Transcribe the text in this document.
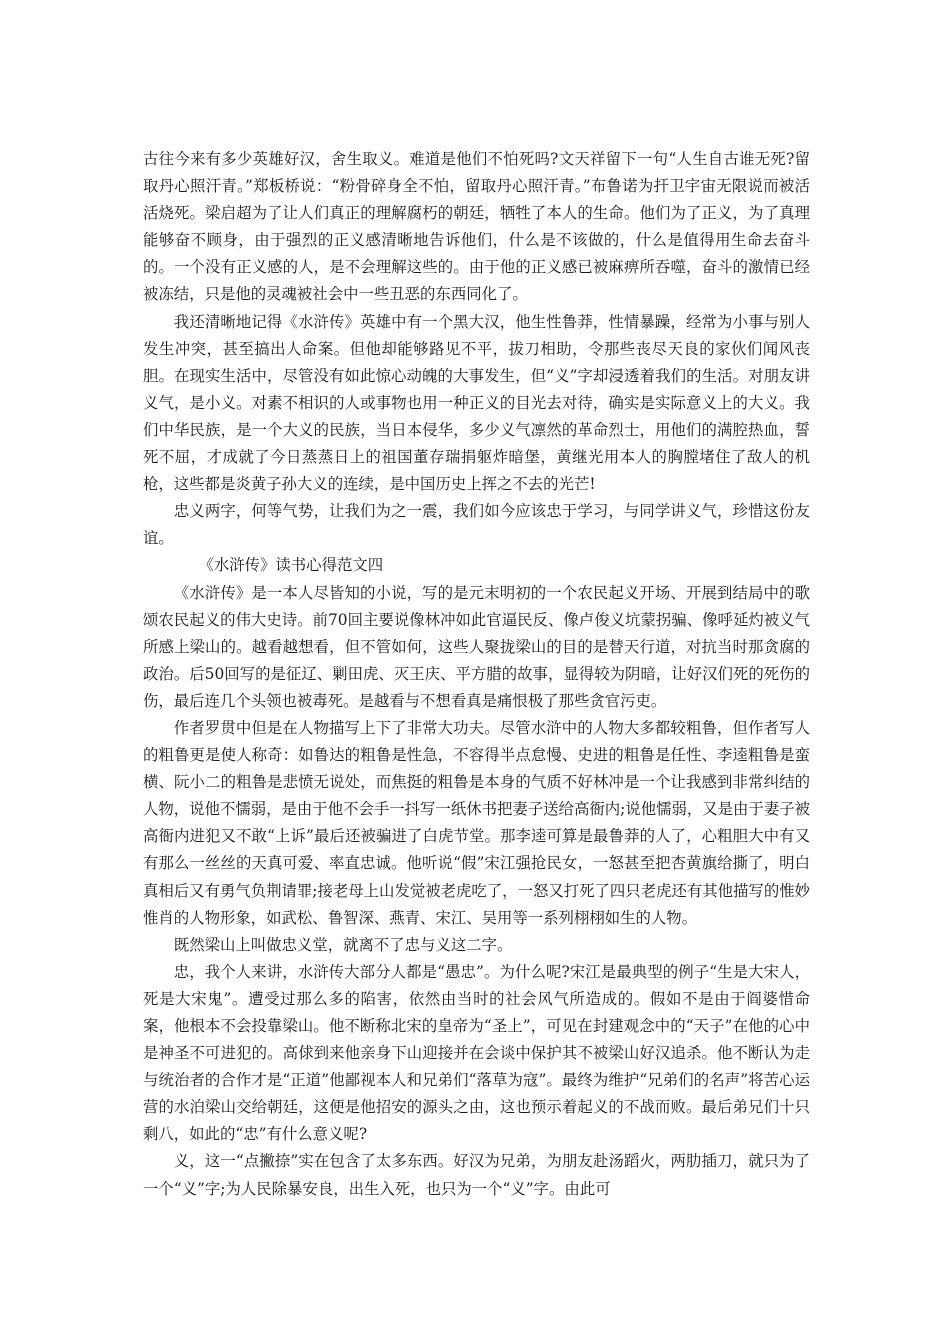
古往今来有多少英雄好汉，舍生取义。难道是他们不怕死吗?文天祥留下一句“人生自古谁无死?留取丹心照汗青。”郑板桥说：“粉骨碎身全不怕，留取丹心照汗青。”布鲁诺为扞卫宇宙无限说而被活活烧死。梁启超为了让人们真正的理解腐朽的朝廷，牺牲了本人的生命。他们为了正义，为了真理能够奋不顾身，由于强烈的正义感清晰地告诉他们，什么是不该做的，什么是值得用生命去奋斗的。一个没有正义感的人，是不会理解这些的。由于他的正义感已被麻痹所吞噬，奋斗的激情已经被冻结，只是他的灵魂被社会中一些丑恶的东西同化了。

我还清晰地记得《水浒传》英雄中有一个黑大汉，他生性鲁莽，性情暴躁，经常为小事与别人发生冲突，甚至搞出人命案。但他却能够路见不平，拔刀相助，令那些丧尽天良的家伙们闻风丧胆。在现实生活中，尽管没有如此惊心动魄的大事发生，但“义”字却浸透着我们的生活。对朋友讲义气，是小义。对素不相识的人或事物也用一种正义的目光去对待，确实是实际意义上的大义。我们中华民族，是一个大义的民族，当日本侵华，多少义气凛然的革命烈士，用他们的满腔热血，誓死不屈，才成就了今日蒸蒸日上的祖国董存瑞捐躯炸暗堡，黄继光用本人的胸膛堵住了敌人的机枪，这些都是炎黄子孙大义的连续，是中国历史上挥之不去的光芒!

忠义两字，何等气势，让我们为之一震，我们如今应该忠于学习，与同学讲义气，珍惜这份友谊。

《水浒传》读书心得范文四

《水浒传》是一本人尽皆知的小说，写的是元末明初的一个农民起义开场、开展到结局中的歌颂农民起义的伟大史诗。前70回主要说像林冲如此官逼民反、像卢俊义坑蒙拐骗、像呼延灼被义气所感上梁山的。越看越想看，但不管如何，这些人聚拢梁山的目的是替天行道，对抗当时那贪腐的政治。后50回写的是征辽、剿田虎、灭王庆、平方腊的故事，显得较为阴暗，让好汉们死的死伤的伤，最后连几个头领也被毒死。是越看与不想看真是痛恨极了那些贪官污吏。

作者罗贯中但是在人物描写上下了非常大功夫。尽管水浒中的人物大多都较粗鲁，但作者写人的粗鲁更是使人称奇：如鲁达的粗鲁是性急，不容得半点怠慢、史进的粗鲁是任性、李逵粗鲁是蛮横、阮小二的粗鲁是悲愤无说处，而焦挺的粗鲁是本身的气质不好林冲是一个让我感到非常纠结的人物，说他不懦弱，是由于他不会手一抖写一纸休书把妻子送给高衙内;说他懦弱，又是由于妻子被高衙内进犯又不敢“上诉”最后还被骗进了白虎节堂。那李逵可算是最鲁莽的人了，心粗胆大中有又有那么一丝丝的天真可爱、率直忠诚。他听说“假”宋江强抢民女，一怒甚至把杏黄旗给撕了，明白真相后又有勇气负荆请罪;接老母上山发觉被老虎吃了，一怒又打死了四只老虎还有其他描写的惟妙惟肖的人物形象，如武松、鲁智深、燕青、宋江、吴用等一系列栩栩如生的人物。

既然梁山上叫做忠义堂，就离不了忠与义这二字。

忠，我个人来讲，水浒传大部分人都是“愚忠”。为什么呢?宋江是最典型的例子“生是大宋人，死是大宋鬼”。遭受过那么多的陷害，依然由当时的社会风气所造成的。假如不是由于阎婆惜命案，他根本不会投靠梁山。他不断称北宋的皇帝为“圣上”，可见在封建观念中的“天子”在他的心中是神圣不可进犯的。高俅到来他亲身下山迎接并在会谈中保护其不被梁山好汉追杀。他不断认为走与统治者的合作才是“正道”他鄙视本人和兄弟们“落草为寇”。最终为维护“兄弟们的名声”将苦心运营的水泊梁山交给朝廷，这便是他招安的源头之由，这也预示着起义的不战而败。最后弟兄们十只剩八，如此的“忠”有什么意义呢?

义，这一“点撇捺”实在包含了太多东西。好汉为兄弟，为朋友赴汤蹈火，两肋插刀，就只为了一个“义”字;为人民除暴安良，出生入死，也只为一个“义”字。由此可
